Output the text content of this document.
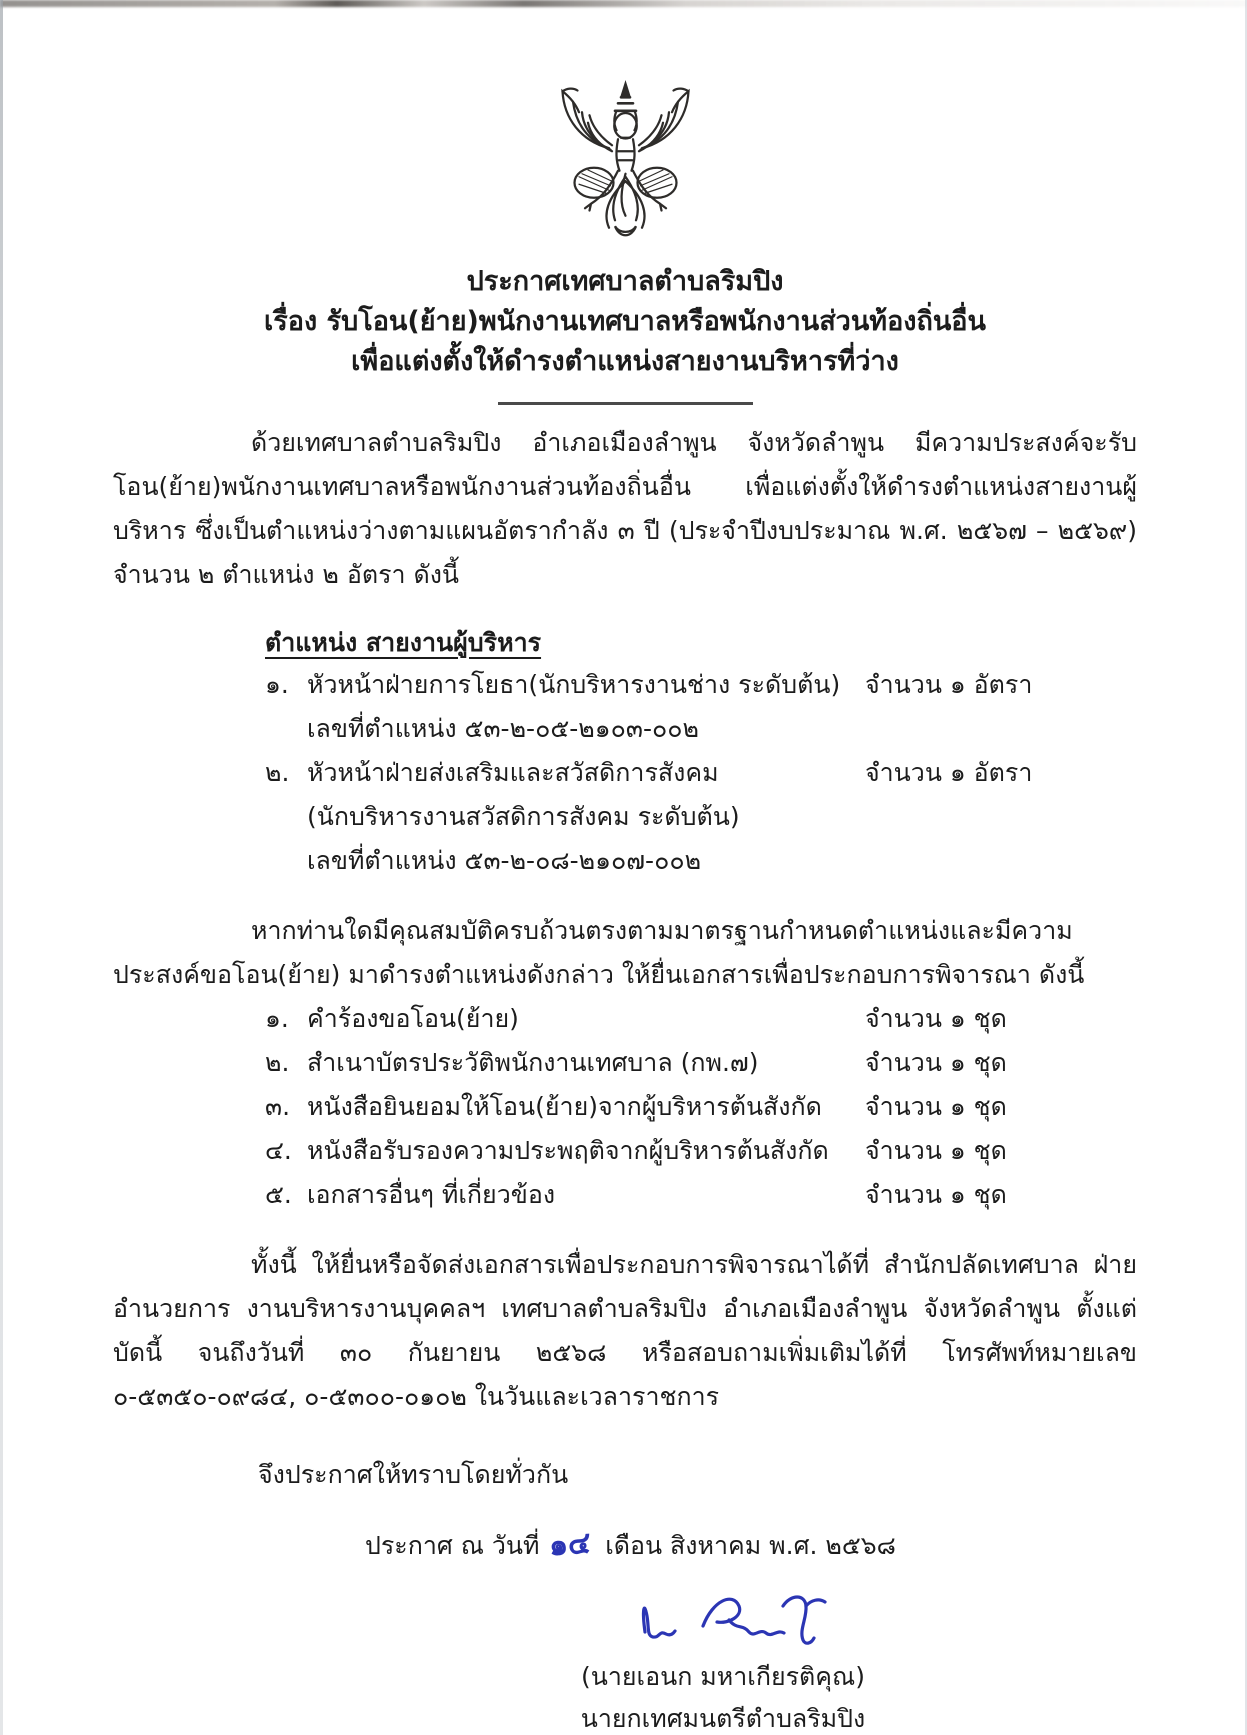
ประกาศเทศบาลตำบลริมปิง

เรื่อง รับโอน(ย้าย)พนักงานเทศบาลหรือพนักงานส่วนท้องถิ่นอื่น

เพื่อแต่งตั้งให้ดำรงตำแหน่งสายงานบริหารที่ว่าง

ด้วยเทศบาลตำบลริมปิง อำเภอเมืองลำพูน จังหวัดลำพูน มีความประสงค์จะรับโอน(ย้าย)พนักงานเทศบาลหรือพนักงานส่วนท้องถิ่นอื่น เพื่อแต่งตั้งให้ดำรงตำแหน่งสายงานผู้บริหาร ซึ่งเป็นตำแหน่งว่างตามแผนอัตรากำลัง ๓ ปี (ประจำปีงบประมาณ พ.ศ. ๒๕๖๗ – ๒๕๖๙) จำนวน ๒ ตำแหน่ง ๒ อัตรา ดังนี้

ตำแหน่ง สายงานผู้บริหาร
๑. หัวหน้าฝ่ายการโยธา(นักบริหารงานช่าง ระดับต้น) จำนวน ๑ อัตรา
เลขที่ตำแหน่ง ๕๓-๒-๐๕-๒๑๐๓-๐๐๒
๒. หัวหน้าฝ่ายส่งเสริมและสวัสดิการสังคม	จำนวน ๑ อัตรา
(นักบริหารงานสวัสดิการสังคม ระดับต้น)
เลขที่ตำแหน่ง ๕๓-๒-๐๘-๒๑๐๗-๐๐๒

หากท่านใดมีคุณสมบัติครบถ้วนตรงตามมาตรฐานกำหนดตำแหน่งและมีความประสงค์ขอโอน(ย้าย) มาดำรงตำแหน่งดังกล่าว ให้ยื่นเอกสารเพื่อประกอบการพิจารณา ดังนี้

๑. คำร้องขอโอน(ย้าย)	จำนวน ๑ ชุด
๒. สำเนาบัตรประวัติพนักงานเทศบาล (กพ.๗)	จำนวน ๑ ชุด
๓. หนังสือยินยอมให้โอน(ย้าย)จากผู้บริหารต้นสังกัด จำนวน ๑ ชุด
๔. หนังสือรับรองความประพฤติจากผู้บริหารต้นสังกัด จำนวน ๑ ชุด
๕. เอกสารอื่นๆ ที่เกี่ยวข้อง	จำนวน ๑ ชุด

ทั้งนี้ ให้ยื่นหรือจัดส่งเอกสารเพื่อประกอบการพิจารณาได้ที่ สำนักปลัดเทศบาล ฝ่ายอำนวยการ งานบริหารงานบุคคลฯ เทศบาลตำบลริมปิง อำเภอเมืองลำพูน จังหวัดลำพูน ตั้งแต่บัดนี้ จนถึงวันที่ ๓๐ กันยายน ๒๕๖๘ หรือสอบถามเพิ่มเติมได้ที่ โทรศัพท์หมายเลข ๐-๕๓๕๐-๐๙๘๔, ๐-๕๓๐๐-๐๑๐๒ ในวันและเวลาราชการ

จึงประกาศให้ทราบโดยทั่วกัน
ประกาศ ณ วันที่ ๑๔ เดือน สิงหาคม พ.ศ. ๒๕๖๘
(นายเอนก มหาเกียรติคุณ)
นายกเทศมนตรีตำบลริมปิง
